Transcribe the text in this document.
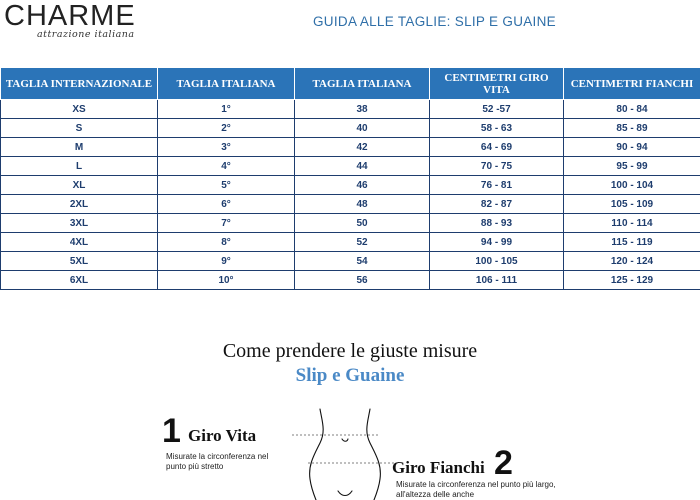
CHARME
attrazione italiana
GUIDA ALLE TAGLIE: SLIP E GUAINE
TAGLIA INTERNAZIONALE	TAGLIA ITALIANA	TAGLIA ITALIANA	CENTIMETRI GIRO VITA	CENTIMETRI FIANCHI
XS	1°	38	52 -57	80 - 84
S	2°	40	58 - 63	85 - 89
M	3°	42	64 - 69	90 - 94
L	4°	44	70 - 75	95 - 99
XL	5°	46	76 - 81	100 - 104
2XL	6°	48	82 - 87	105 - 109
3XL	7°	50	88 - 93	110 - 114
4XL	8°	52	94 - 99	115 - 119
5XL	9°	54	100 - 105	120 - 124
6XL	10°	56	106 - 111	125 - 129
Come prendere le giuste misure
Slip e Guaine
1 Giro Vita
Misurate la circonferenza nel
punto più stretto	Giro Fianchi 2
Misurate la circonferenza nel punto più largo,
all'altezza delle anche
